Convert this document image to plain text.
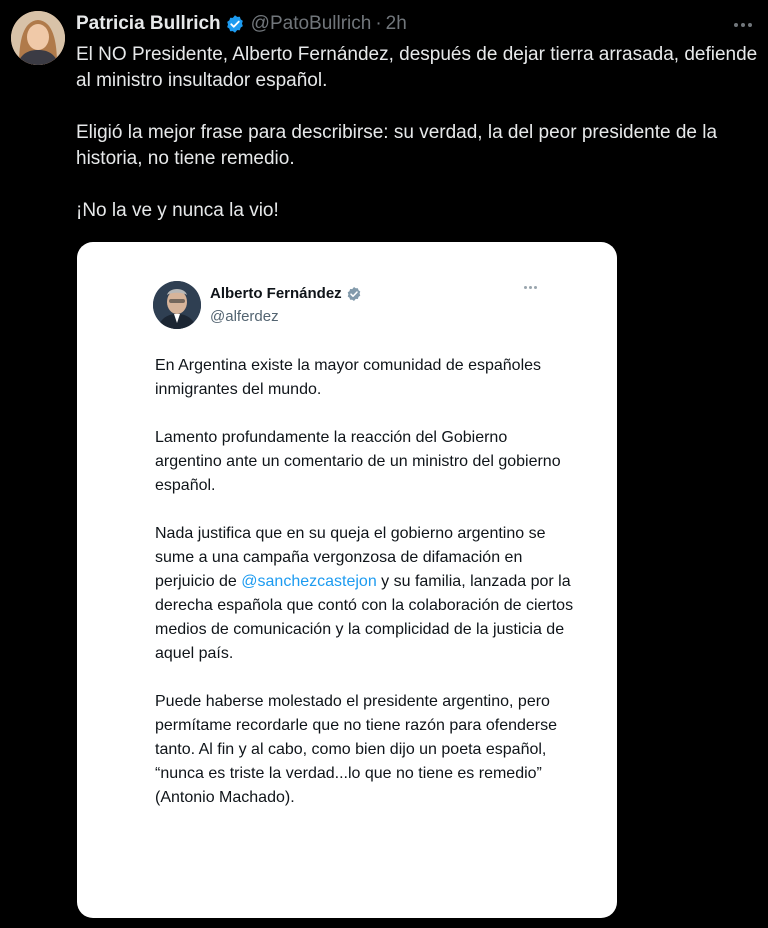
Patricia Bullrich @PatoBullrich · 2h

El NO Presidente, Alberto Fernández, después de dejar tierra arrasada, defiende al ministro insultador español.

Eligió la mejor frase para describirse: su verdad, la del peor presidente de la historia, no tiene remedio.

¡No la ve y nunca la vio!

Alberto Fernández
@alferdez

En Argentina existe la mayor comunidad de españoles inmigrantes del mundo.

Lamento profundamente la reacción del Gobierno argentino ante un comentario de un ministro del gobierno español.

Nada justifica que en su queja el gobierno argentino se sume a una campaña vergonzosa de difamación en perjuicio de @sanchezcastejon y su familia, lanzada por la derecha española que contó con la colaboración de ciertos medios de comunicación y la complicidad de la justicia de aquel país.

Puede haberse molestado el presidente argentino, pero permítame recordarle que no tiene razón para ofenderse tanto. Al fin y al cabo, como bien dijo un poeta español, “nunca es triste la verdad...lo que no tiene es remedio” (Antonio Machado).
